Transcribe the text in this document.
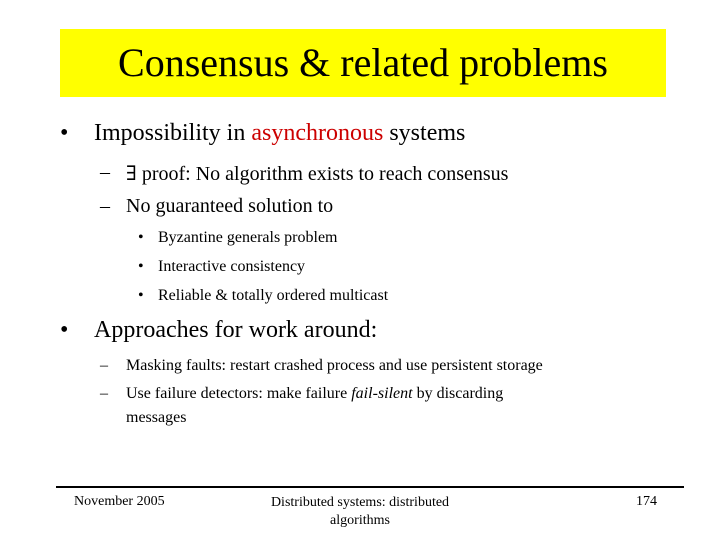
Consensus & related problems
• Impossibility in asynchronous systems
– ∃ proof: No algorithm exists to reach consensus
– No guaranteed solution to
• Byzantine generals problem
• Interactive consistency
• Reliable & totally ordered multicast
• Approaches for work around:
– Masking faults: restart crashed process and use persistent storage
– Use failure detectors: make failure fail-silent by discarding
messages
November 2005	Distributed systems: distributed
algorithms
174
